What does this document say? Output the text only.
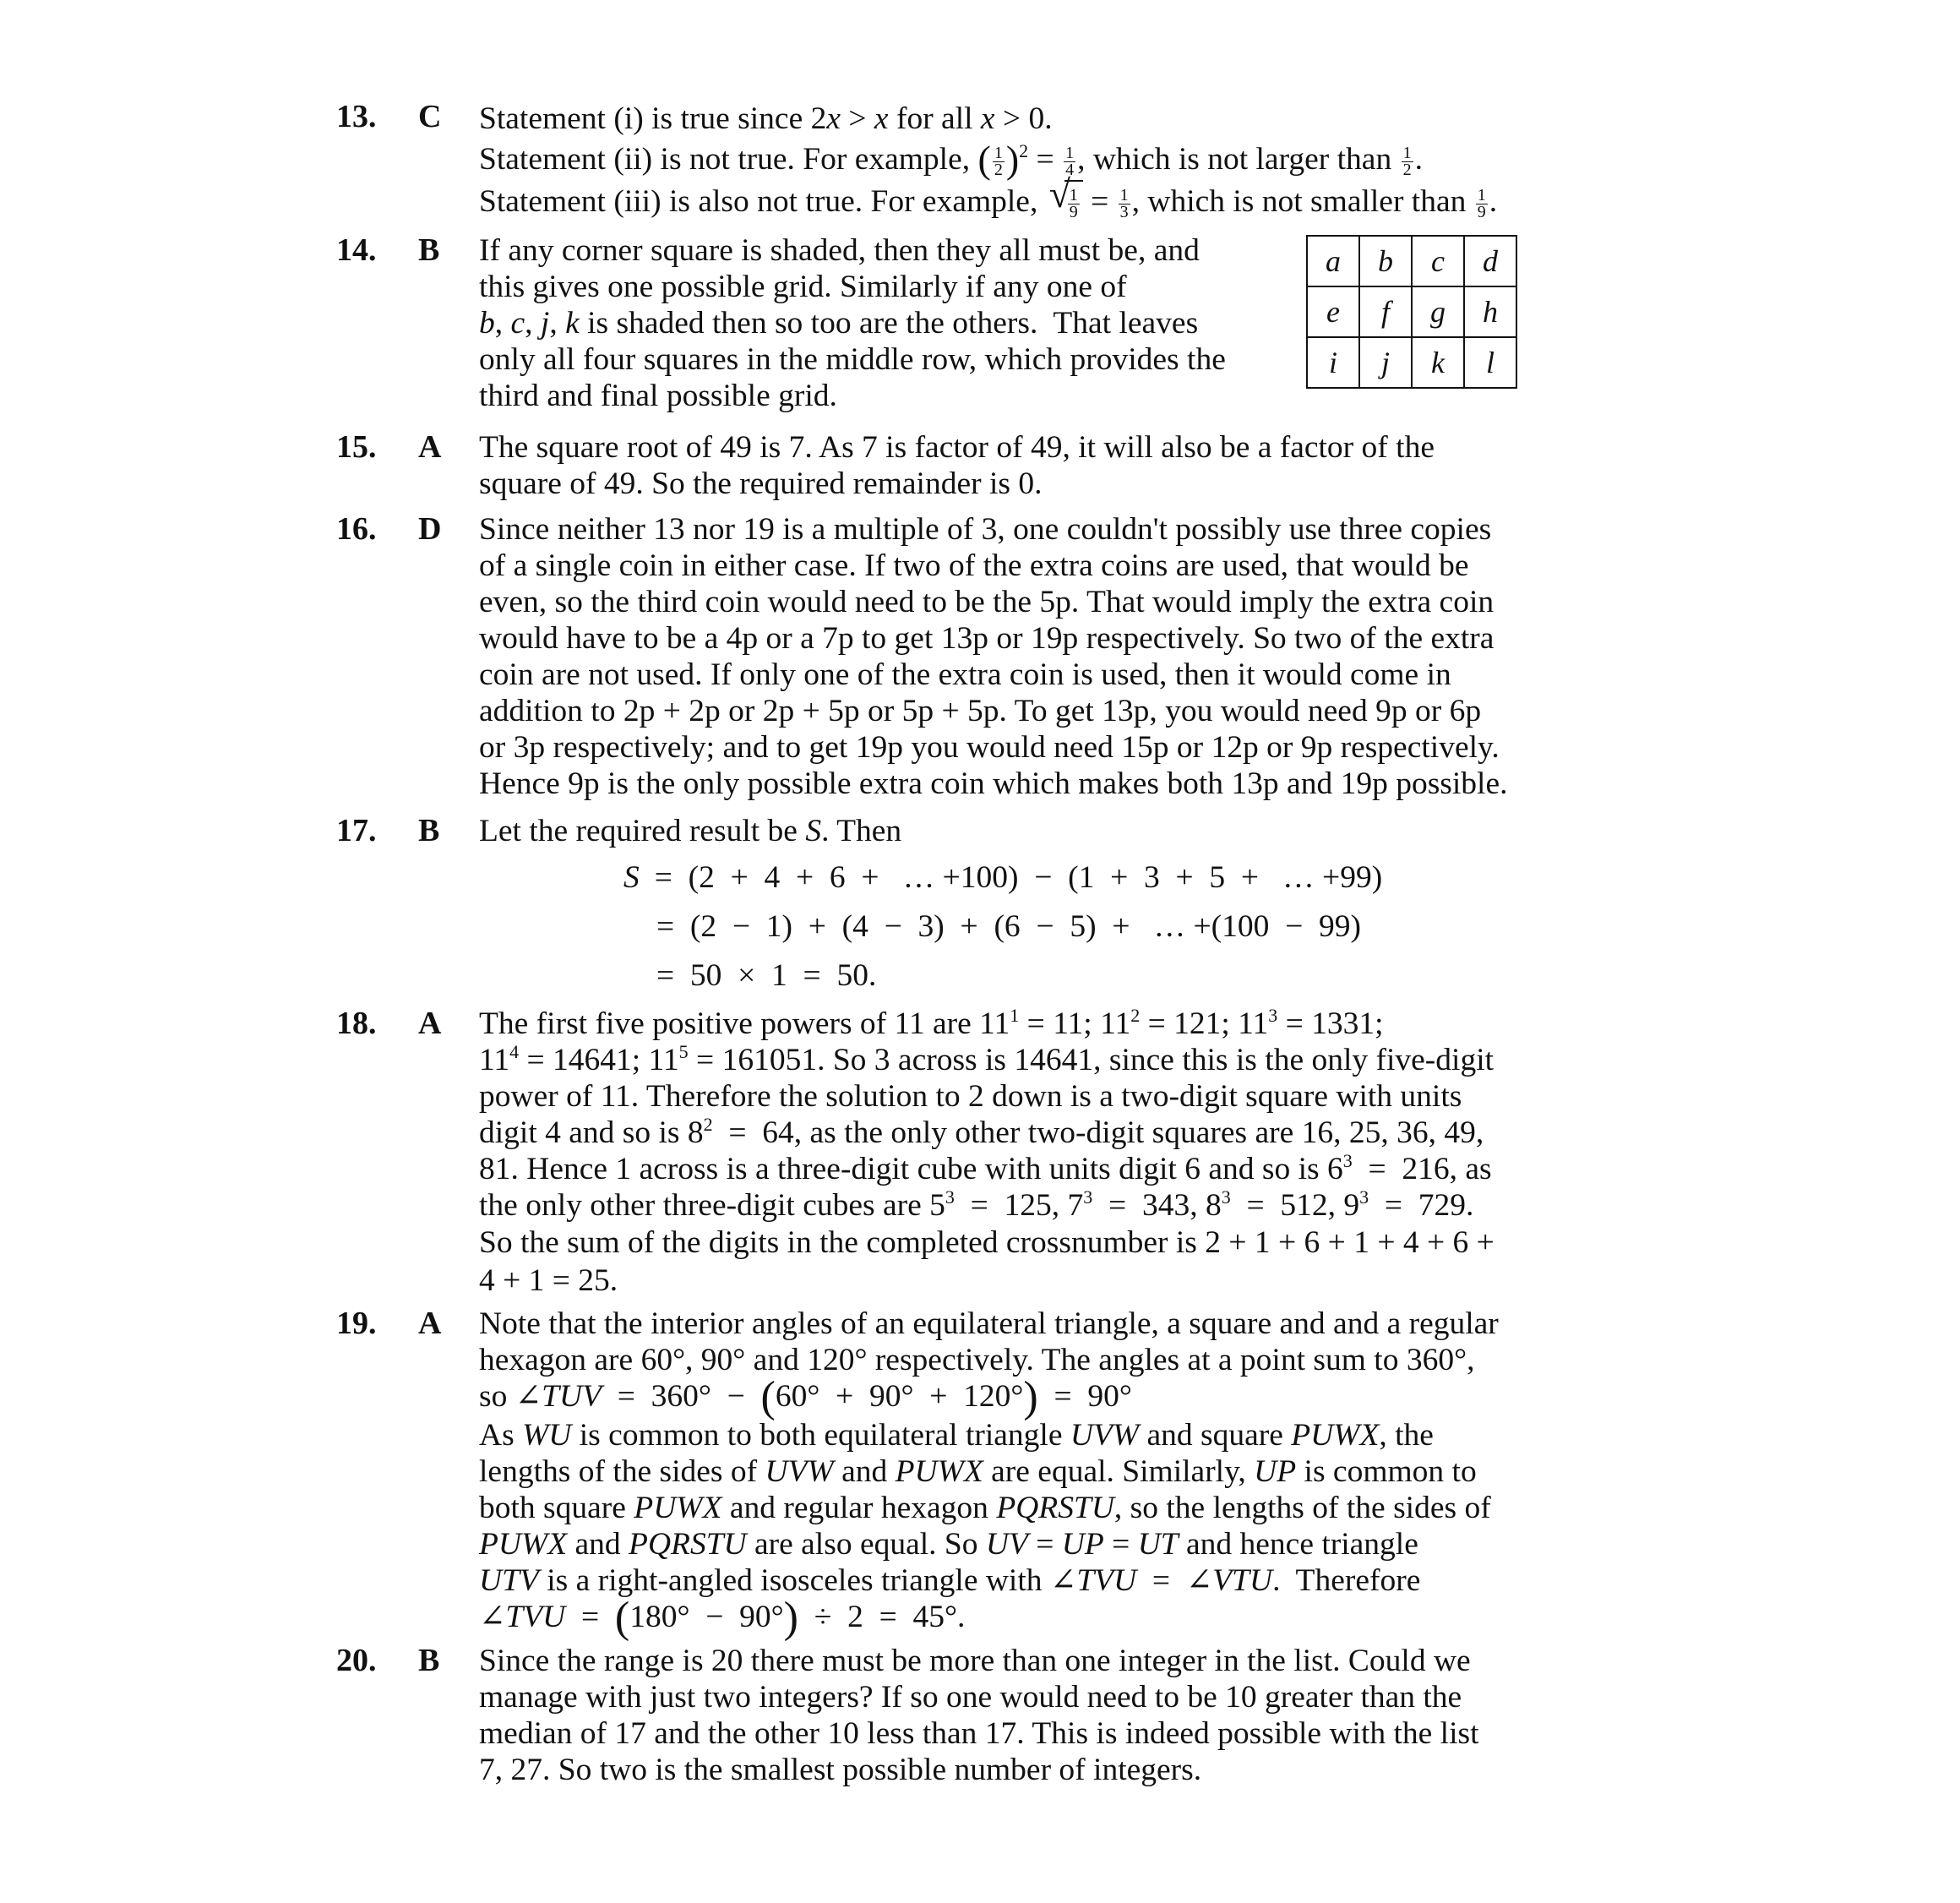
13. C Statement (i) is true since 2x > x for all x > 0.
Statement (ii) is not true. For example, ( $\frac{1}{2} )^2 = \frac{1}{4}$ , which is not larger than $\frac{1}{2}$ .
Statement (iii) is also not true. For example, √
$\frac{1}{9} = \frac{1}{3}$ , which is not smaller than $\frac{1}{9}$ .
14. B If any corner square is shaded, then they all must be, and
this gives one possible grid. Similarly if any one of
b, c, j, k is shaded then so too are the others.  That leaves
only all four squares in the middle row, which provides the
third and final possible grid.
a	b	c	d
e	f	g	h
i	j	k	l
15. A The square root of 49 is 7. As 7 is factor of 49, it will also be a factor of the
square of 49. So the required remainder is 0.
16. D Since neither 13 nor 19 is a multiple of 3, one couldn't possibly use three copies
of a single coin in either case. If two of the extra coins are used, that would be
even, so the third coin would need to be the 5p. That would imply the extra coin
would have to be a 4p or a 7p to get 13p or 19p respectively. So two of the extra
coin are not used. If only one of the extra coin is used, then it would come in
addition to 2p + 2p or 2p + 5p or 5p + 5p. To get 13p, you would need 9p or 6p
or 3p respectively; and to get 19p you would need 15p or 12p or 9p respectively.
Hence 9p is the only possible extra coin which makes both 13p and 19p possible.
17. B Let the required result be S. Then
S =  (2  +  4  +  6  +   … +100)  −  (1  +  3  +  5  +   … +99)
=  (2  −  1)  +  (4  −  3)  +  (6  −  5)  +   … +(100  −  99)
=  50  ×  1  =  50.
18. A The first five positive powers of 11 are $11^1 = 11$; $11^2 = 121$; $11^3 = 1331$;
$11^4 = 14641$; $11^5 = 161051$. So 3 across is 14641, since this is the only five-digit
power of 11. Therefore the solution to 2 down is a two-digit square with units
digit 4 and so is $8^2 = 64$, as the only other two-digit squares are 16, 25, 36, 49,
81. Hence 1 across is a three-digit cube with units digit 6 and so is $6^3 = 216$, as
the only other three-digit cubes are $5^3 = 125$, $7^3 = 343$, $8^3 = 512$, $9^3 = 729$.
So the sum of the digits in the completed crossnumber is 2 + 1 + 6 + 1 + 4 + 6 +
4 + 1 = 25.
19. A Note that the interior angles of an equilateral triangle, a square and and a regular
hexagon are 60°, 90° and 120° respectively. The angles at a point sum to 360°,
so ∠TUV  =  360°  −  (60°  +  90°  +  120°)  =  90°
As WU is common to both equilateral triangle UVW and square PUWX, the
lengths of the sides of UVW and PUWX are equal. Similarly, UP is common to
both square PUWX and regular hexagon PQRSTU, so the lengths of the sides of
PUWX and PQRSTU are also equal. So UV = UP = UT and hence triangle
UTV is a right-angled isosceles triangle with ∠TVU  =  ∠VTU.  Therefore
∠TVU  =  (180°  −  90°)  ÷  2  =  45°.
20. B Since the range is 20 there must be more than one integer in the list. Could we
manage with just two integers? If so one would need to be 10 greater than the
median of 17 and the other 10 less than 17. This is indeed possible with the list
7, 27. So two is the smallest possible number of integers.
